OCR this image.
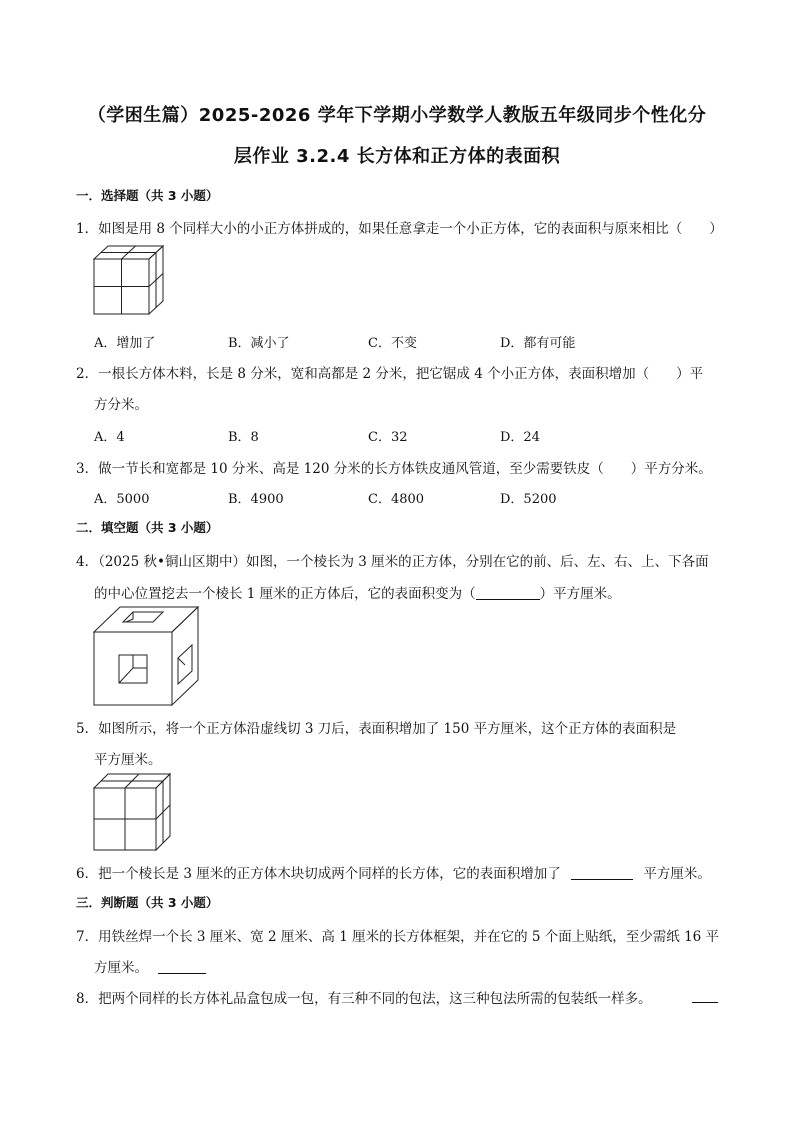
（学困生篇）2025-2026 学年下学期小学数学人教版五年级同步个性化分
层作业 3.2.4 长方体和正方体的表面积
一．选择题（共 3 小题）
1．如图是用 8 个同样大小的小正方体拼成的，如果任意拿走一个小正方体，它的表面积与原来相比（　　）
A．增加了	B．减小了	C．不变	D．都有可能
2．一根长方体木料，长是 8 分米，宽和高都是 2 分米，把它锯成 4 个小正方体，表面积增加（　　）平
方分米。
A．4	B．8	C．32	D．24
3．做一节长和宽都是 10 分米、高是 120 分米的长方体铁皮通风管道，至少需要铁皮（　　）平方分米。
A．5000	B．4900	C．4800	D．5200
二．填空题（共 3 小题）
4．（2025 秋•铜山区期中）如图，一个棱长为 3 厘米的正方体，分别在它的前、后、左、右、上、下各面
的中心位置挖去一个棱长 1 厘米的正方体后，它的表面积变为（	）平方厘米。
5．如图所示，将一个正方体沿虚线切 3 刀后，表面积增加了 150 平方厘米，这个正方体的表面积是
平方厘米。
6．把一个棱长是 3 厘米的正方体木块切成两个同样的长方体，它的表面积增加了	平方厘米。
三．判断题（共 3 小题）
7．用铁丝焊一个长 3 厘米、宽 2 厘米、高 1 厘米的长方体框架，并在它的 5 个面上贴纸，至少需纸 16 平
方厘米。
8．把两个同样的长方体礼品盒包成一包，有三种不同的包法，这三种包法所需的包装纸一样多。
